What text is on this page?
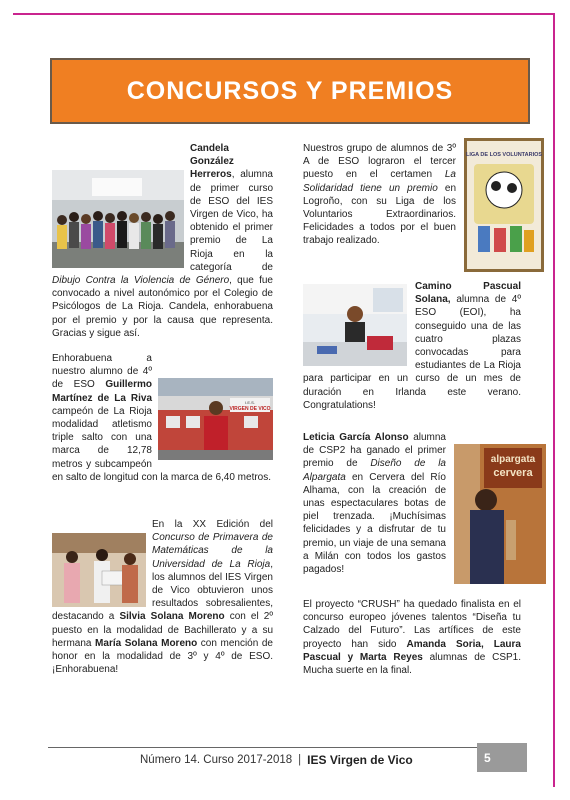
CONCURSOS Y PREMIOS
Candela González Herreros, alumna de primer curso de ESO del IES Virgen de Vico, ha obtenido el primer premio de La Rioja en la categoría de Dibujo Contra la Violencia de Género, que fue convocado a nivel autonómico por el Colegio de Psicólogos de La Rioja. Candela, enhorabuena por el premio y por la causa que representa. Gracias y sigue así.
I.E.S.
VIRGEN DE VICO
Enhorabuena a nuestro alumno de 4º de ESO Guillermo Martínez de La Riva campeón de La Rioja modalidad atletismo triple salto con una marca de 12,78 metros y subcampeón en salto de longitud con la marca de 6,40 metros.
En la XX Edición del Concurso de Primavera de Matemáticas de la Universidad de La Rioja, los alumnos del IES Virgen de Vico obtuvieron unos resultados sobresalientes, destacando a Silvia Solana Moreno con el 2º puesto en la modalidad de Bachillerato y a su hermana María Solana Moreno con mención de honor en la modalidad de 3º y 4º de ESO. ¡Enhorabuena!
LIGA DE LOS VOLUNTARIOS
Nuestros grupo de alumnos de 3º A de ESO lograron el tercer puesto en el certamen La Solidaridad tiene un premio en Logroño, con su Liga de los Voluntarios Extraordinarios. Felicidades a todos por el buen trabajo realizado.
Camino Pascual Solana, alumna de 4º ESO (EOI), ha conseguido una de las cuatro plazas convocadas para estudiantes de La Rioja para participar en un curso de un mes de duración en Irlanda este verano. Congratulations!
alpargata
cervera
Leticia García Alonso alumna de CSP2 ha ganado el primer premio de Diseño de la Alpargata en Cervera del Río Alhama, con la creación de unas espectaculares botas de piel trenzada. ¡Muchísimas felicidades y a disfrutar de tu premio, un viaje de una semana a Milán con todos los gastos pagados!
El proyecto “CRUSH” ha quedado finalista en el concurso europeo jóvenes talentos “Diseña tu Calzado del Futuro”. Las artífices de este proyecto han sido Amanda Soria, Laura Pascual y Marta Reyes alumnas de CSP1. Mucha suerte en la final.
Número 14. Curso 2017-2018 | IES Virgen de Vico	5
